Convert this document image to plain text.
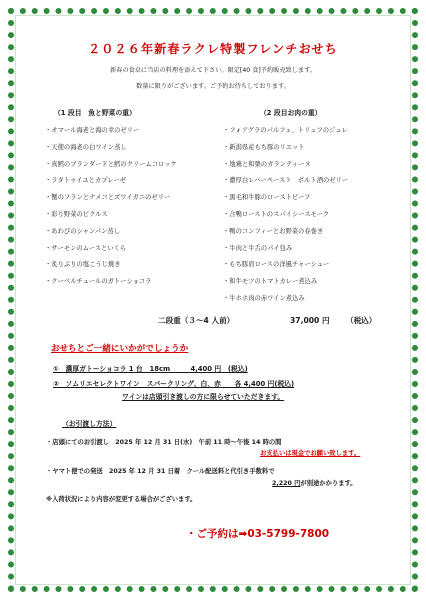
２０２６年新春ラクレ特製フレンチおせち
新春の食卓に当店の料理を添えて下さい。限定[40 食]予約販売致します。
数量に限りがございます。ご予約お待ちしております。
（1 段目　魚と野菜の重）	（2 段目お肉の重）
・オマール海老と海の幸のゼリー
・天使の海老の白ワイン蒸し
・真鱈のブランダードと鱈のクリームコロッケ
・ラタトゥイユとカプレーゼ
・蟹のフランとナメコとズワイガニのゼリー
・彩り野菜のピクルス
・あわびのシャンパン蒸し
・サーモンのムースといくら
・炙りぶりの塩こうじ焼き
・クーベルチュールのガトーショコラ
・フォアグラのパルフェ、トリュフのジュレ
・新潟県産もち豚のリエット
・地鶏と和栗のガランティーヌ
・濃厚白レバーペースト　ポルト酒のゼリー
・黒毛和牛豚のローストビーフ
・合鴨ローストのスパイシースモーク
・鴨のコンフィーとお野菜の春巻き
・牛肉と牛舌のパイ包み
・もち豚肩ロースの洋風チャーシュー
・和牛モツのトマトカレー煮込み
・牛ホホ肉の赤ワイン煮込み
二段重（３～4 人前）	37,000 円 （税込）
おせちとご一緒にいかがでしょうか
①　濃厚ガトーショコラ 1 台　18cm　　　4,400 円　(税込)
②　ソムリエセレクトワイン　スパークリング、白、赤　　各 4,400 円(税込)
ワインは店頭引き渡しの方に限らせていただきます。
（お引渡し方法）
・店頭にてのお引渡し　2025 年 12 月 31 日(水)　午前 11 時～午後 14 時の間
お支払いは現金でお願い致します。
・ヤマト便での発送　2025 年 12 月 31 日着　クール配送料と代引き手数料で
2,220 円が別途かかります。
※入荷状況により内容が変更する場合がございます。
・ご予約は➡03-5799-7800
